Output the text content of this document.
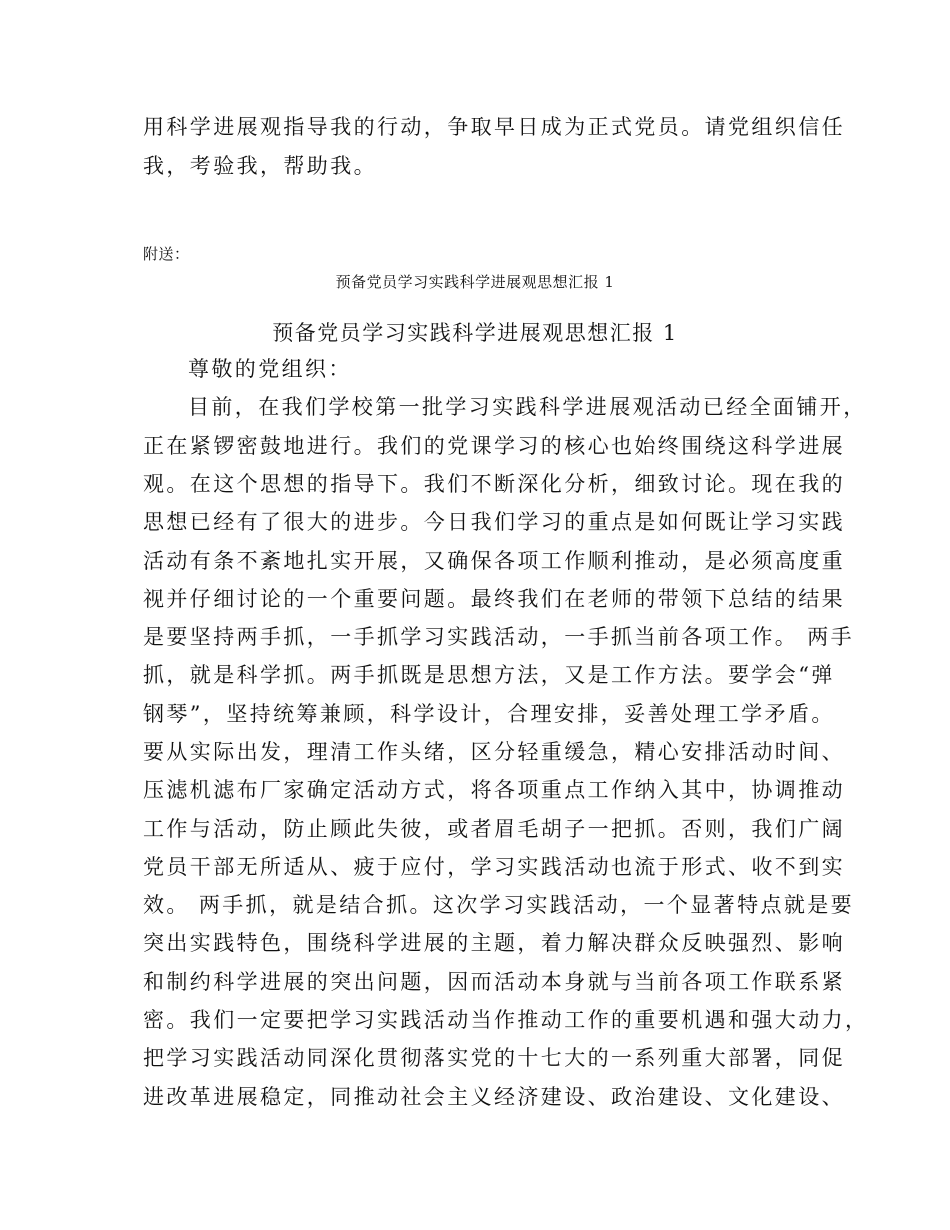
用科学进展观指导我的行动，争取早日成为正式党员。请党组织信任
我，考验我，帮助我。
附送：
预备党员学习实践科学进展观思想汇报 1
预备党员学习实践科学进展观思想汇报 1
尊敬的党组织：
目前，在我们学校第一批学习实践科学进展观活动已经全面铺开，
正在紧锣密鼓地进行。我们的党课学习的核心也始终围绕这科学进展
观。在这个思想的指导下。我们不断深化分析，细致讨论。现在我的
思想已经有了很大的进步。今日我们学习的重点是如何既让学习实践
活动有条不紊地扎实开展，又确保各项工作顺利推动，是必须高度重
视并仔细讨论的一个重要问题。最终我们在老师的带领下总结的结果
是要坚持两手抓，一手抓学习实践活动，一手抓当前各项工作。 两手
抓，就是科学抓。两手抓既是思想方法，又是工作方法。要学会“弹
钢琴”，坚持统筹兼顾，科学设计，合理安排，妥善处理工学矛盾。
要从实际出发，理清工作头绪，区分轻重缓急，精心安排活动时间、
压滤机滤布厂家确定活动方式，将各项重点工作纳入其中，协调推动
工作与活动，防止顾此失彼，或者眉毛胡子一把抓。否则，我们广阔
党员干部无所适从、疲于应付，学习实践活动也流于形式、收不到实
效。 两手抓，就是结合抓。这次学习实践活动，一个显著特点就是要
突出实践特色，围绕科学进展的主题，着力解决群众反映强烈、影响
和制约科学进展的突出问题，因而活动本身就与当前各项工作联系紧
密。我们一定要把学习实践活动当作推动工作的重要机遇和强大动力，
把学习实践活动同深化贯彻落实党的十七大的一系列重大部署，同促
进改革进展稳定，同推动社会主义经济建设、政治建设、文化建设、
